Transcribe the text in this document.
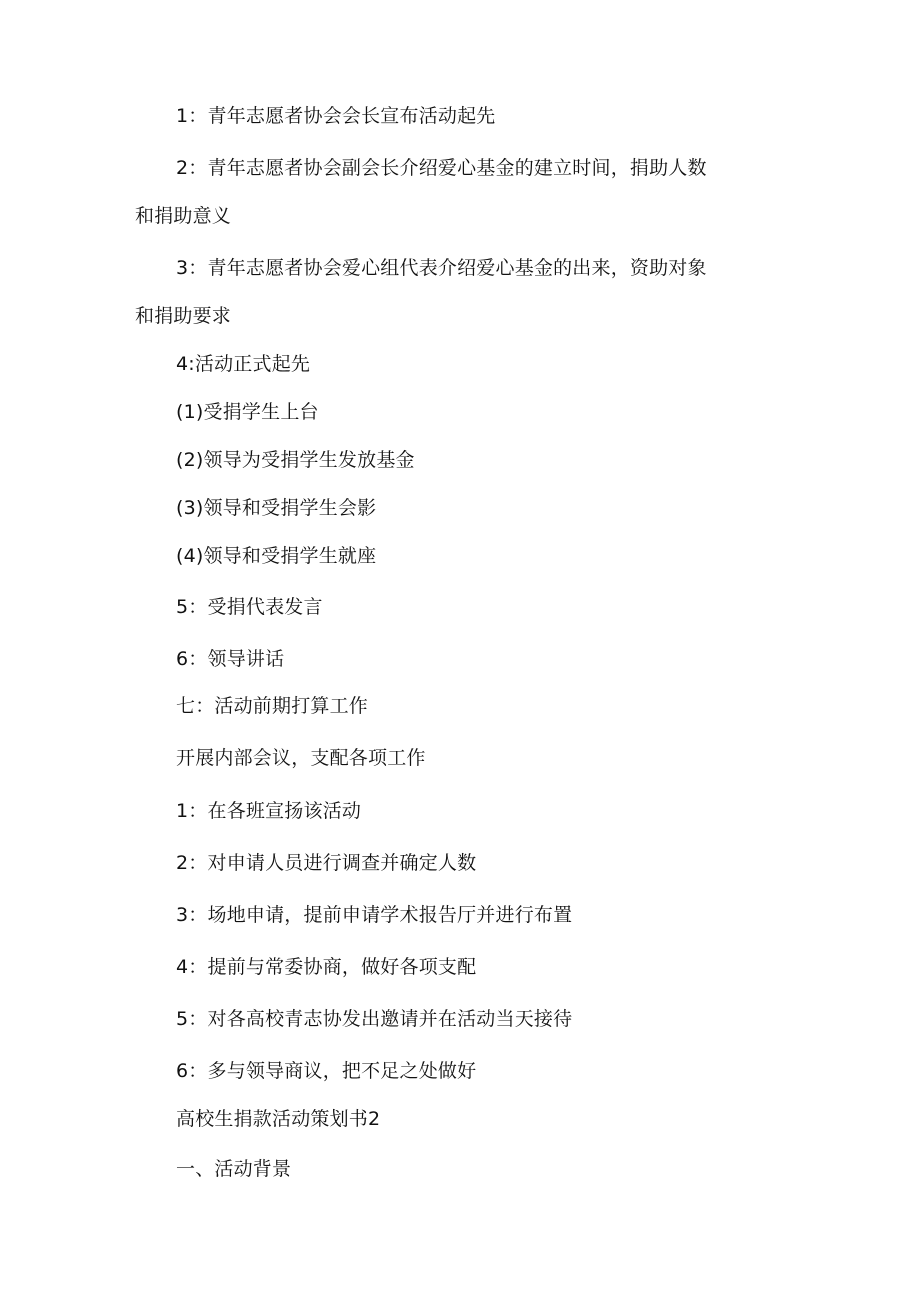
1：青年志愿者协会会长宣布活动起先
2：青年志愿者协会副会长介绍爱心基金的建立时间，捐助人数
和捐助意义
3：青年志愿者协会爱心组代表介绍爱心基金的出来，资助对象
和捐助要求
4:活动正式起先
(1)受捐学生上台
(2)领导为受捐学生发放基金
(3)领导和受捐学生会影
(4)领导和受捐学生就座
5：受捐代表发言
6：领导讲话
七：活动前期打算工作
开展内部会议，支配各项工作
1：在各班宣扬该活动
2：对申请人员进行调查并确定人数
3：场地申请，提前申请学术报告厅并进行布置
4：提前与常委协商，做好各项支配
5：对各高校青志协发出邀请并在活动当天接待
6：多与领导商议，把不足之处做好
高校生捐款活动策划书2
一、活动背景
